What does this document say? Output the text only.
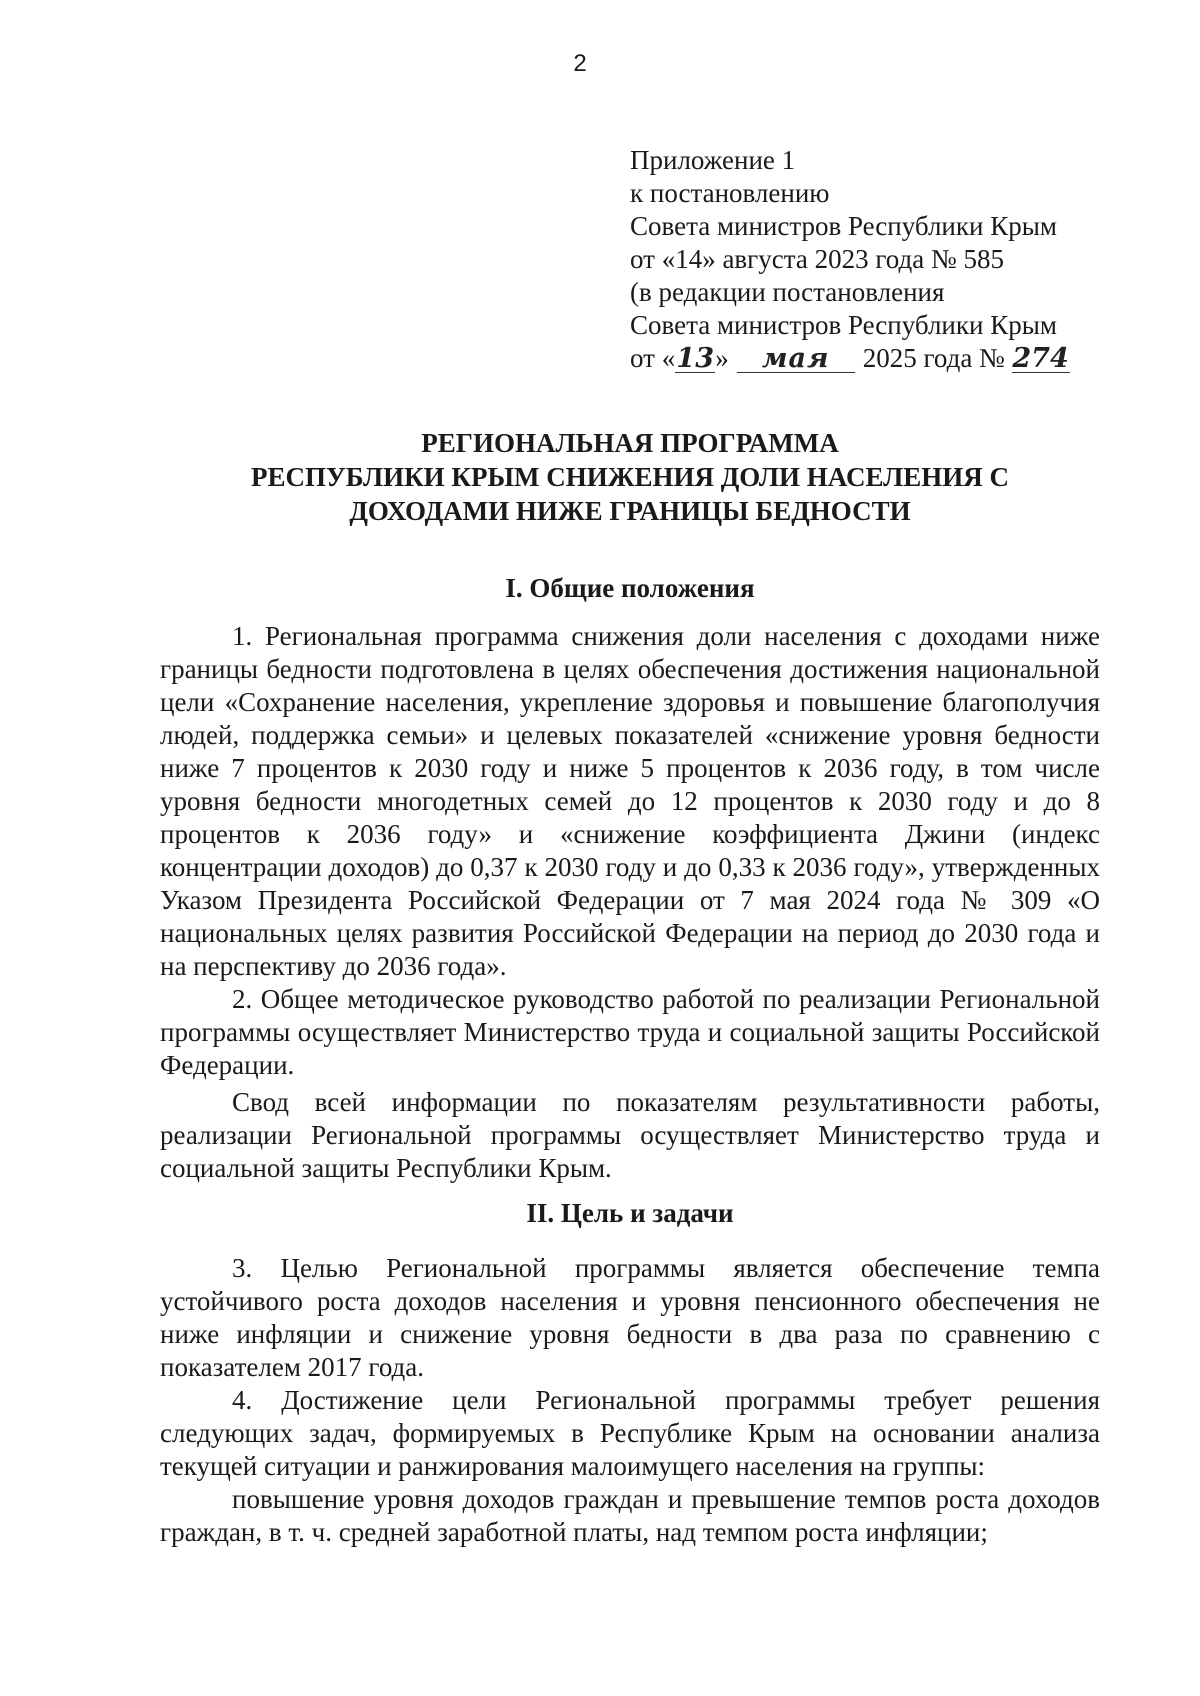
2
Приложение 1
к постановлению
Совета министров Республики Крым
от «14» августа 2023 года № 585
(в редакции постановления
Совета министров Республики Крым
от «13» мая 2025 года № 274
РЕГИОНАЛЬНАЯ ПРОГРАММА
РЕСПУБЛИКИ КРЫМ СНИЖЕНИЯ ДОЛИ НАСЕЛЕНИЯ С
ДОХОДАМИ НИЖЕ ГРАНИЦЫ БЕДНОСТИ
I. Общие положения

1. Региональная программа снижения доли населения с доходами ниже границы бедности подготовлена в целях обеспечения достижения национальной цели «Сохранение населения, укрепление здоровья и повышение благополучия людей, поддержка семьи» и целевых показателей «снижение уровня бедности ниже 7 процентов к 2030 году и ниже 5 процентов к 2036 году, в том числе уровня бедности многодетных семей до 12 процентов к 2030 году и до 8 процентов к 2036 году» и «снижение коэффициента Джини (индекс концентрации доходов) до 0,37 к 2030 году и до 0,33 к 2036 году», утвержденных Указом Президента Российской Федерации от 7 мая 2024 года № 309 «О национальных целях развития Российской Федерации на период до 2030 года и на перспективу до 2036 года».

2. Общее методическое руководство работой по реализации Региональной программы осуществляет Министерство труда и социальной защиты Российской Федерации.

Свод всей информации по показателям результативности работы, реализации Региональной программы осуществляет Министерство труда и социальной защиты Республики Крым.

II. Цель и задачи

3. Целью Региональной программы является обеспечение темпа устойчивого роста доходов населения и уровня пенсионного обеспечения не ниже инфляции и снижение уровня бедности в два раза по сравнению с показателем 2017 года.

4. Достижение цели Региональной программы требует решения следующих задач, формируемых в Республике Крым на основании анализа текущей ситуации и ранжирования малоимущего населения на группы:

повышение уровня доходов граждан и превышение темпов роста доходов граждан, в т. ч. средней заработной платы, над темпом роста инфляции;
